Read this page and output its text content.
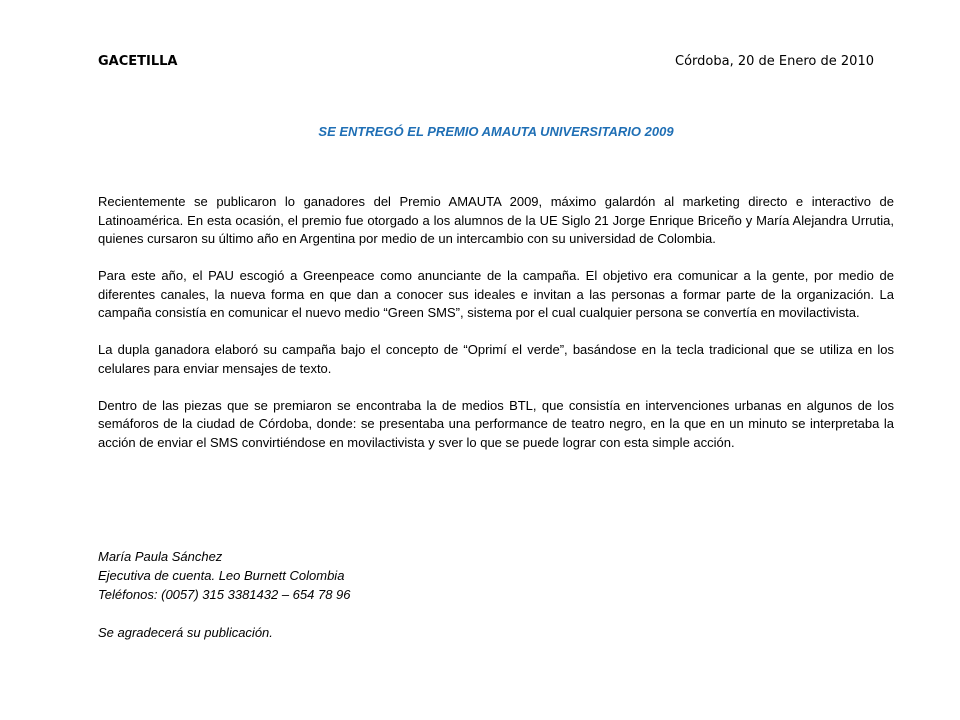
GACETILLA	Córdoba, 20 de Enero de 2010
SE ENTREGÓ EL PREMIO AMAUTA UNIVERSITARIO 2009

Recientemente se publicaron lo ganadores del Premio AMAUTA 2009, máximo galardón al marketing directo e interactivo de Latinoamérica. En esta ocasión, el premio fue otorgado a los alumnos de la UE Siglo 21 Jorge Enrique Briceño y María Alejandra Urrutia, quienes cursaron su último año en Argentina por medio de un intercambio con su universidad de Colombia.

Para este año, el PAU escogió a Greenpeace como anunciante de la campaña. El objetivo era comunicar a la gente, por medio de diferentes canales, la nueva forma en que dan a conocer sus ideales e invitan a las personas a formar parte de la organización. La campaña consistía en comunicar el nuevo medio “Green SMS”, sistema por el cual cualquier persona se convertía en movilactivista.

La dupla ganadora elaboró su campaña bajo el concepto de “Oprimí el verde”, basándose en la tecla tradicional que se utiliza en los celulares para enviar mensajes de texto.

Dentro de las piezas que se premiaron se encontraba la de medios BTL, que consistía en intervenciones urbanas en algunos de los semáforos de la ciudad de Córdoba, donde: se presentaba una performance de teatro negro, en la que en un minuto se interpretaba la acción de enviar el SMS convirtiéndose en movilactivista y sver lo que se puede lograr con esta simple acción.

María Paula Sánchez
Ejecutiva de cuenta. Leo Burnett Colombia
Teléfonos: (0057) 315 3381432 – 654 78 96
Se agradecerá su publicación.
